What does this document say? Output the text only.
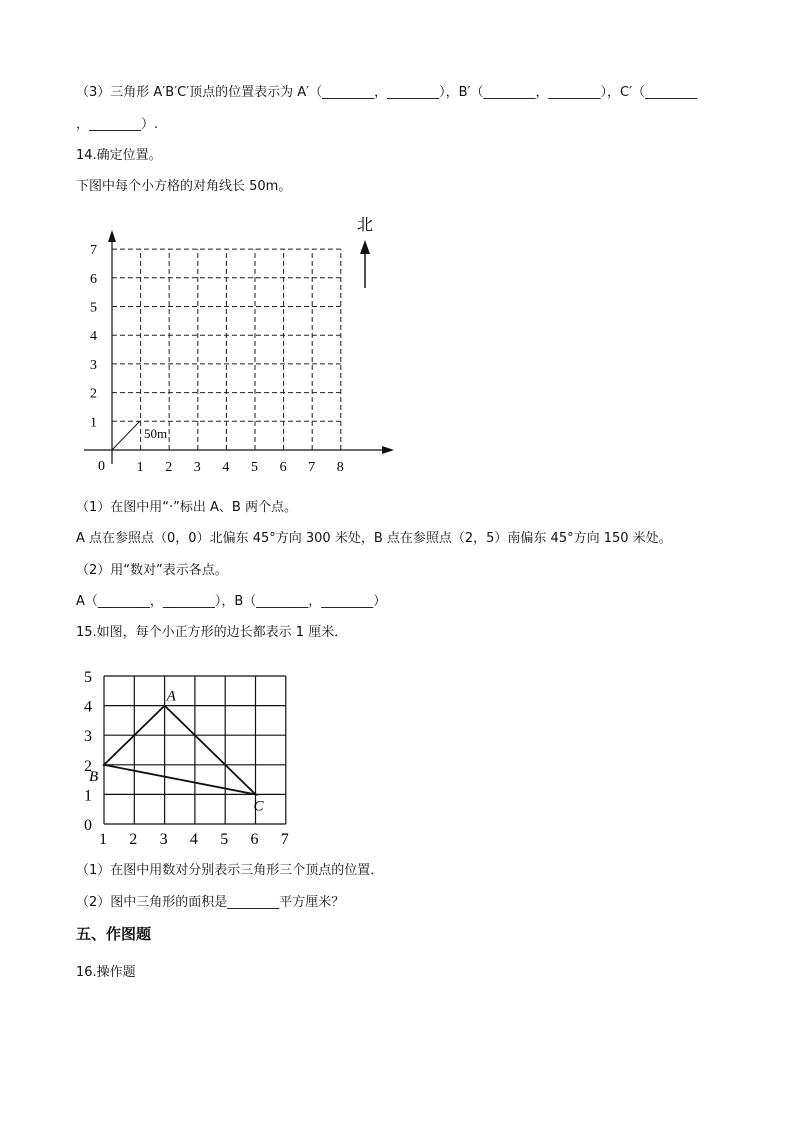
（3）三角形 A′B′C′顶点的位置表示为 A′（________，________），B′（________，________），C′（________
，________）.
14.确定位置。
下图中每个小方格的对角线长 50m。
50m
0 1 2 3 4 5 6 7 8
1
2
3
4
5
6
7
北
（1）在图中用“·”标出 A、B 两个点。
A 点在参照点（0，0）北偏东 45°方向 300 米处，B 点在参照点（2，5）南偏东 45°方向 150 米处。
（2）用“数对”表示各点。
A（________，________），B（________，________）
15.如图，每个小正方形的边长都表示 1 厘米．
1 2 3 4 5 6 7
0
1
2
3
4
5
A
B
C
（1）在图中用数对分别表示三角形三个顶点的位置．
（2）图中三角形的面积是________平方厘米？
五、作图题
16.操作题
